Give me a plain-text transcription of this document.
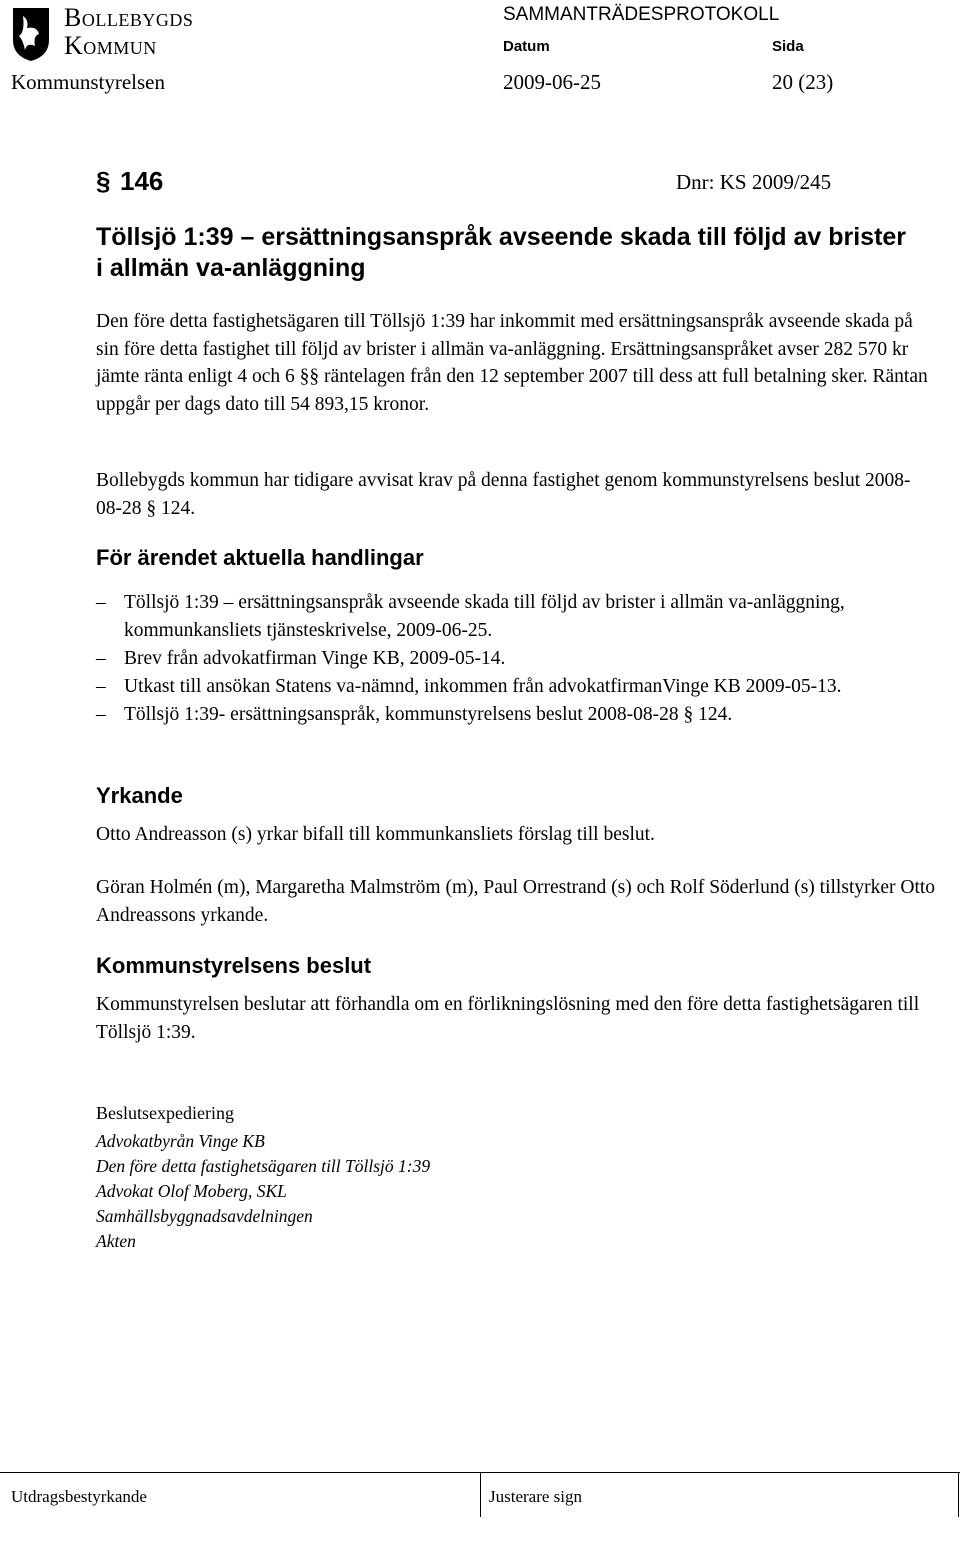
Bollebygds
Kommun
SAMMANTRÄDESPROTOKOLL
Datum	Sida
Kommunstyrelsen	2009-06-25	20 (23)
§ 146	Dnr: KS 2009/245
Töllsjö 1:39 – ersättningsanspråk avseende skada till följd av brister i allmän va-anläggning
Den före detta fastighetsägaren till Töllsjö 1:39 har inkommit med ersättningsanspråk avseende skada på sin före detta fastighet till följd av brister i allmän va-anläggning. Ersättningsanspråket avser 282 570 kr jämte ränta enligt 4 och 6 §§ räntelagen från den 12 september 2007 till dess att full betalning sker. Räntan uppgår per dags dato till 54 893,15 kronor.
Bollebygds kommun har tidigare avvisat krav på denna fastighet genom kommunstyrelsens beslut 2008-08-28 § 124.
För ärendet aktuella handlingar
– Töllsjö 1:39 – ersättningsanspråk avseende skada till följd av brister i allmän va-anläggning, kommunkansliets tjänsteskrivelse, 2009-06-25.
– Brev från advokatfirman Vinge KB, 2009-05-14.
– Utkast till ansökan Statens va-nämnd, inkommen från advokatfirmanVinge KB 2009-05-13.
– Töllsjö 1:39- ersättningsanspråk, kommunstyrelsens beslut 2008-08-28 § 124.
Yrkande
Otto Andreasson (s) yrkar bifall till kommunkansliets förslag till beslut.
Göran Holmén (m), Margaretha Malmström (m), Paul Orrestrand (s) och Rolf Söderlund (s) tillstyrker Otto Andreassons yrkande.
Kommunstyrelsens beslut
Kommunstyrelsen beslutar att förhandla om en förlikningslösning med den före detta fastighetsägaren till Töllsjö 1:39.
Beslutsexpediering
Advokatbyrån Vinge KB
Den före detta fastighetsägaren till Töllsjö 1:39
Advokat Olof Moberg, SKL
Samhällsbyggnadsavdelningen
Akten
Utdragsbestyrkande	Justerare sign
